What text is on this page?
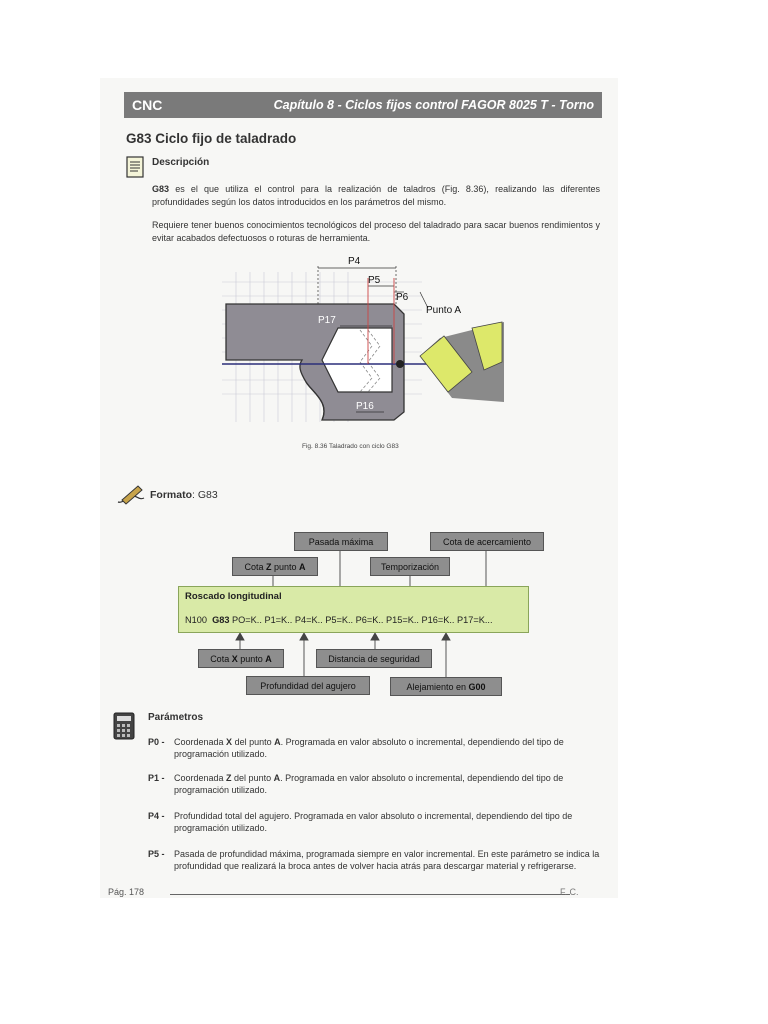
CNC	Capítulo 8 - Ciclos fijos control FAGOR 8025 T - Torno
G83 Ciclo fijo de taladrado
Descripción
G83 es el que utiliza el control para la realización de taladros (Fig. 8.36), realizando las diferentes profundidades según los datos introducidos en los parámetros del mismo.
Requiere tener buenos conocimientos tecnológicos del proceso del taladrado para sacar buenos rendimientos y evitar acabados defectuosos o roturas de herramienta.
P4
P5
P6
Punto A
P17
P16
Fig. 8.36 Taladrado con ciclo G83
Formato: G83
Pasada máxima	Cota de acercamiento
Cota
Z
punto
A	Temporización
Roscado longitudinal
N100  G83 PO=K.. P1=K.. P4=K.. P5=K.. P6=K.. P15=K.. P16=K.. P17=K...
Cota
X
punto
A	Distancia de seguridad
Profundidad del agujero	Alejamiento en
G00
Parámetros
P0 - Coordenada X del punto A. Programada en valor absoluto o incremental, dependiendo del tipo de programación utilizado.
P1 - Coordenada Z del punto A. Programada en valor absoluto o incremental, dependiendo del tipo de programación utilizado.
P4 - Profundidad total del agujero. Programada en valor absoluto o incremental, dependiendo del tipo de programación utilizado.
P5 - Pasada de profundidad máxima, programada siempre en valor incremental. En este parámetro se indica la profundidad que realizará la broca antes de volver hacia atrás para descargar material y refrigerarse.
Pág. 178	F. C.
